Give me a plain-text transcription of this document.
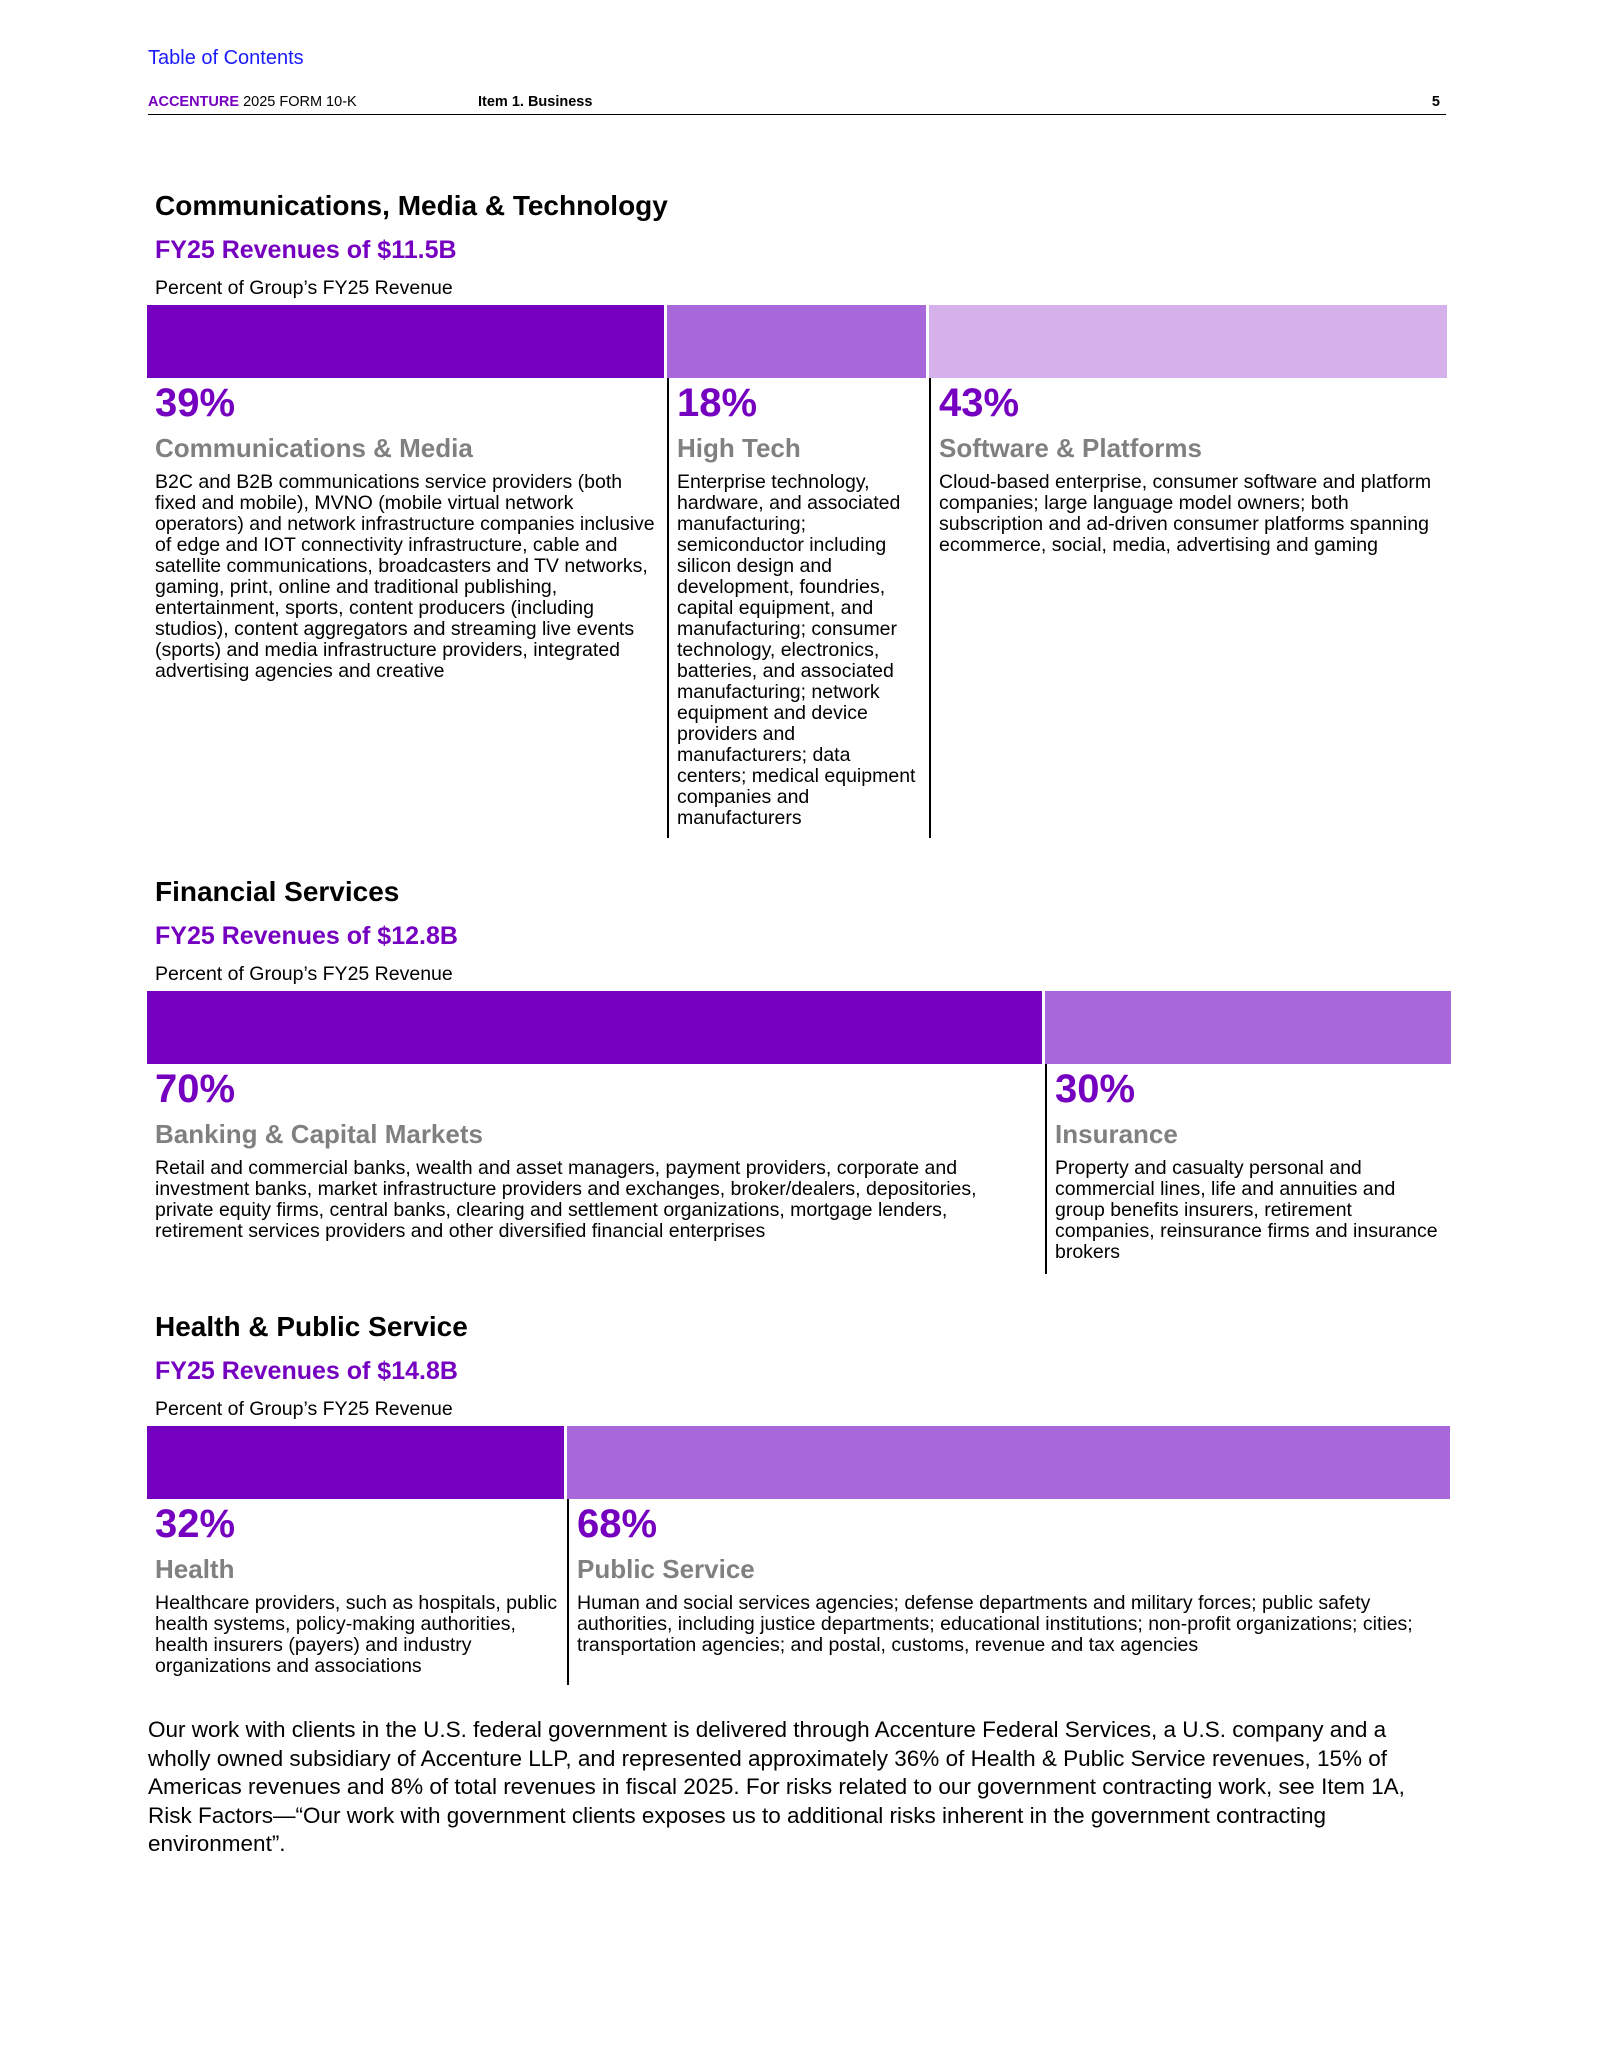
Table of Contents
ACCENTURE 2025 FORM 10-K	Item 1. Business	5
Communications, Media & Technology
FY25 Revenues of $11.5B
Percent of Group’s FY25 Revenue
39%
Communications & Media
B2C and B2B communications service providers (both fixed and mobile), MVNO (mobile virtual network operators) and network infrastructure companies inclusive of edge and IOT connectivity infrastructure, cable and satellite communications, broadcasters and TV networks, gaming, print, online and traditional publishing, entertainment, sports, content producers (including studios), content aggregators and streaming live events (sports) and media infrastructure providers, integrated advertising agencies and creative
18%
High Tech
Enterprise technology, hardware, and associated manufacturing; semiconductor including silicon design and development, foundries, capital equipment, and manufacturing; consumer technology, electronics, batteries, and associated manufacturing; network equipment and device providers and manufacturers; data centers; medical equipment companies and manufacturers
43%
Software & Platforms
Cloud-based enterprise, consumer software and platform companies; large language model owners; both subscription and ad-driven consumer platforms spanning ecommerce, social, media, advertising and gaming
Financial Services
FY25 Revenues of $12.8B
Percent of Group’s FY25 Revenue
70%
Banking & Capital Markets
Retail and commercial banks, wealth and asset managers, payment providers, corporate and investment banks, market infrastructure providers and exchanges, broker/dealers, depositories, private equity firms, central banks, clearing and settlement organizations, mortgage lenders, retirement services providers and other diversified financial enterprises
30%
Insurance
Property and casualty personal and commercial lines, life and annuities and group benefits insurers, retirement companies, reinsurance firms and insurance brokers
Health & Public Service
FY25 Revenues of $14.8B
Percent of Group’s FY25 Revenue
32%
Health
Healthcare providers, such as hospitals, public health systems, policy-making authorities, health insurers (payers) and industry organizations and associations
68%
Public Service
Human and social services agencies; defense departments and military forces; public safety authorities, including justice departments; educational institutions; non-profit organizations; cities; transportation agencies; and postal, customs, revenue and tax agencies

Our work with clients in the U.S. federal government is delivered through Accenture Federal Services, a U.S. company and a wholly owned subsidiary of Accenture LLP, and represented approximately 36% of Health & Public Service revenues, 15% of Americas revenues and 8% of total revenues in fiscal 2025. For risks related to our government contracting work, see Item 1A, Risk Factors—“Our work with government clients exposes us to additional risks inherent in the government contracting environment”.
